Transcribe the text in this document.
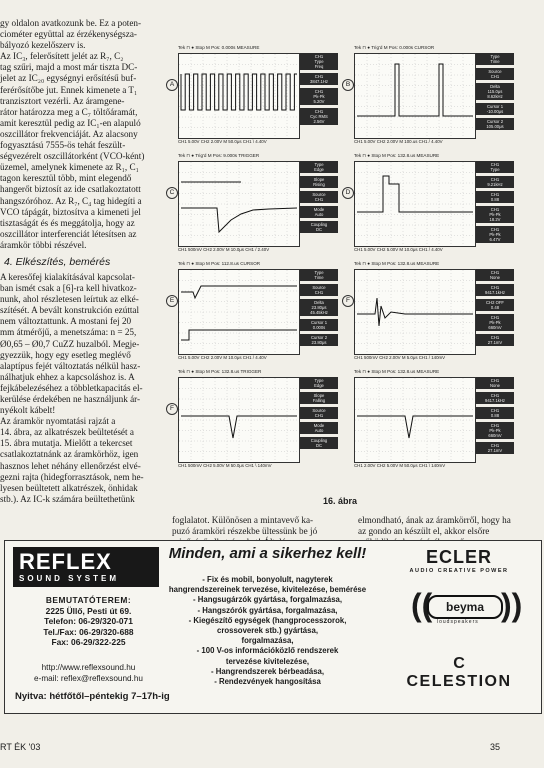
gy oldalon avatkozunk be. Ez a poten-
ciométer együttal az érzékenységsza-
bályozó kezelőszerv is.

Az IC₃, felerősített jelét az R₇, C₂
tag szűri, majd a most már tiszta DC-
jelet az IC₂₀ egységnyi erősítésű buf-
ferérősítőbe jut. Ennek kimenete a T₁
tranzisztort vezérli. Az áramgene-
rátor határozza meg a C₇ töltőáramát,
amit keresztül pedig az IC₁-en alapuló
oszcillátor frekvenciáját. Az alacsony
fogyasztású 7555-ös tehát feszült-
ségvezérelt oszcillátorként (VCO-ként)
üzemel, amelynek kimenete az R₁, C₁
tagon keresztül több, mint elegendő
hangerőt biztosít az ide csatlakoztatott
hangszóróhoz. Az R₇, C₄ tag hidegíti a
VCO tápágát, biztosítva a kimeneti jel
tisztaságát és és meggátolja, hogy az
oszcillátor interferenciát létesítsen az
áramkör többi részével.

4. Elkészítés, bemérés

A keresőfej kialakításával kapcsolat-
ban ismét csak a [6]-ra kell hivatkoz-
nunk, ahol részletesen leírtuk az elké-
szítését. A bevált konstrukción ezúttal
nem változtattunk. A mostani fej 20
mm átmérőjű, a menetszáma: n = 25,
Ø0,65 – Ø0,7 CuZZ huzalból. Megje-
gyezzük, hogy egy esetleg meglévő
alaptípus fejét változtatás nélkül hasz-
nálhatjuk ehhez a kapcsoláshoz is. A
fejkábelezéséhez a többletkapacitás el-
kerülése érdekében ne használjunk ár-
nyékolt kábelt!

Az áramkör nyomtatási rajzát a
14. ábra, az alkatrészek beültetését a
15. ábra mutatja. Mielőtt a tekercset
csatlakoztatnánk az áramkörhöz, igen
hasznos lehet néhány ellenőrzést elvé-
gezni rajta (hidegforrasztások, nem he-
lyesen beültetett alkatrészek, önhidak
stb.). Az IC-k számára beültethetünk

Tek ⊓ ● Stop M Pos: 0.000s MEASURE
CH1
Type
Freq
CH1
3847.1Hz
CH1
Pk-Pk
5.20V
CH1
Cyc RMS
2.56V
CH1 5.00V CH2 2.00V M 50.0μs CH1 \ 4.40V
A
Tek ⊓ ● Trig'd M Pos: 0.000s CURSOR
Type
Time
Source
CH1
Delta
115.0μs
8.62kHz
Cursor 1
-10.00μs
Cursor 2
105.00μs
CH1 5.00V CH2 2.00V M 100.us CH1 / 4.40V
B
Tek ⊓ ● Trig'd M Pos: 9.000s TRIGGER
Type
Edge
Slope
Rising
Source
CH1
Mode
Auto
Coupling
DC
CH1 500mV CH2 2.00V M 10.0μs CH1 / 2.40V
C
Tek ⊓ ● Stop M Pos: 132.8.us MEASURE
CH1
Type
CH1
9.21kHz
CH1
0.88
CH1
Pk-Pk
18.2V
CH1
Pk-Pk
6.47V
CH1 5.00V CH2 5.00V M 10.0μs CH1 / 4.40V
D
Tek ⊓ ● Stop M Pos: 112.8.us CURSOR
Type
Time
Source
CH1
Delta
23.80μs
45.45kHz
Cursor 1
0.000s
Cursor 2
23.80μs
CH1 5.00V CH2 2.00V M 10.0μs CH1 / 4.40V
E
Tek ⊓ ● Stop M Pos: 132.8.us MEASURE
CH1
None
CH1
9417.1kHz
CH2 OFF
0.48
CH1
Pk-Pk
660mV
CH1
27.1mV
CH1 500mV CH2 2.00V M 5.0μs CH1 / 140mV
F
Tek ⊓ ● Stop M Pos: 132.8.us TRIGGER
Type
Edge
Slope
Falling
Source
CH1
Mode
Auto
Coupling
DC
CH1 500mV CH2 5.00V M 50.0μs CH1 \ 140mV
F
Tek ⊓ ● Stop M Pos: 132.8.us MEASURE
CH1
None
CH1
9417.1kHz
CH1
0.88
CH1
Pk-Pk
660mV
CH1
27.1mV
CH1 2.00V CH2 5.00V M 50.0μs CH1 \ 140mV
16. ábra
foglalatot. Különösen a mintavevő ka-
puzó áramköri részekbe ültessünk be jó

elmondható, ának az áramkörről, hogy ha
az gondo an készült el, akkor elsőre

REFLEX
SOUND SYSTEM
BEMUTATÓTEREM:
2225 Üllő, Pesti út 69.
Telefon: 06-29/320-071
Tel./Fax: 06-29/320-688
Fax: 06-29/322-225
http://www.reflexsound.hu
e-mail: reflex@reflexsound.hu
Nyitva: hétfőtől–péntekig 7–17h-ig
Minden, ami a sikerhez kell!
- Fix és mobil, bonyolult, nagyterek
hangrendszereinek tervezése, kivitelezése, bemérése
- Hangsugárzók gyártása, forgalmazása,
- Hangszórók gyártása, forgalmazása,
- Kiegészítő egységek (hangprocesszorok,
crossoverek stb.) gyártása,
forgalmazása,
- 100 V-os információközlő rendszerek
tervezése kivitelezése,
- Hangrendszerek bérbeadása,
- Rendezvények hangosítása
ECLER
AUDIO CREATIVE POWER
((	beyma ))
loudspeakers
C
CELESTION
RT ÉK '03	35
